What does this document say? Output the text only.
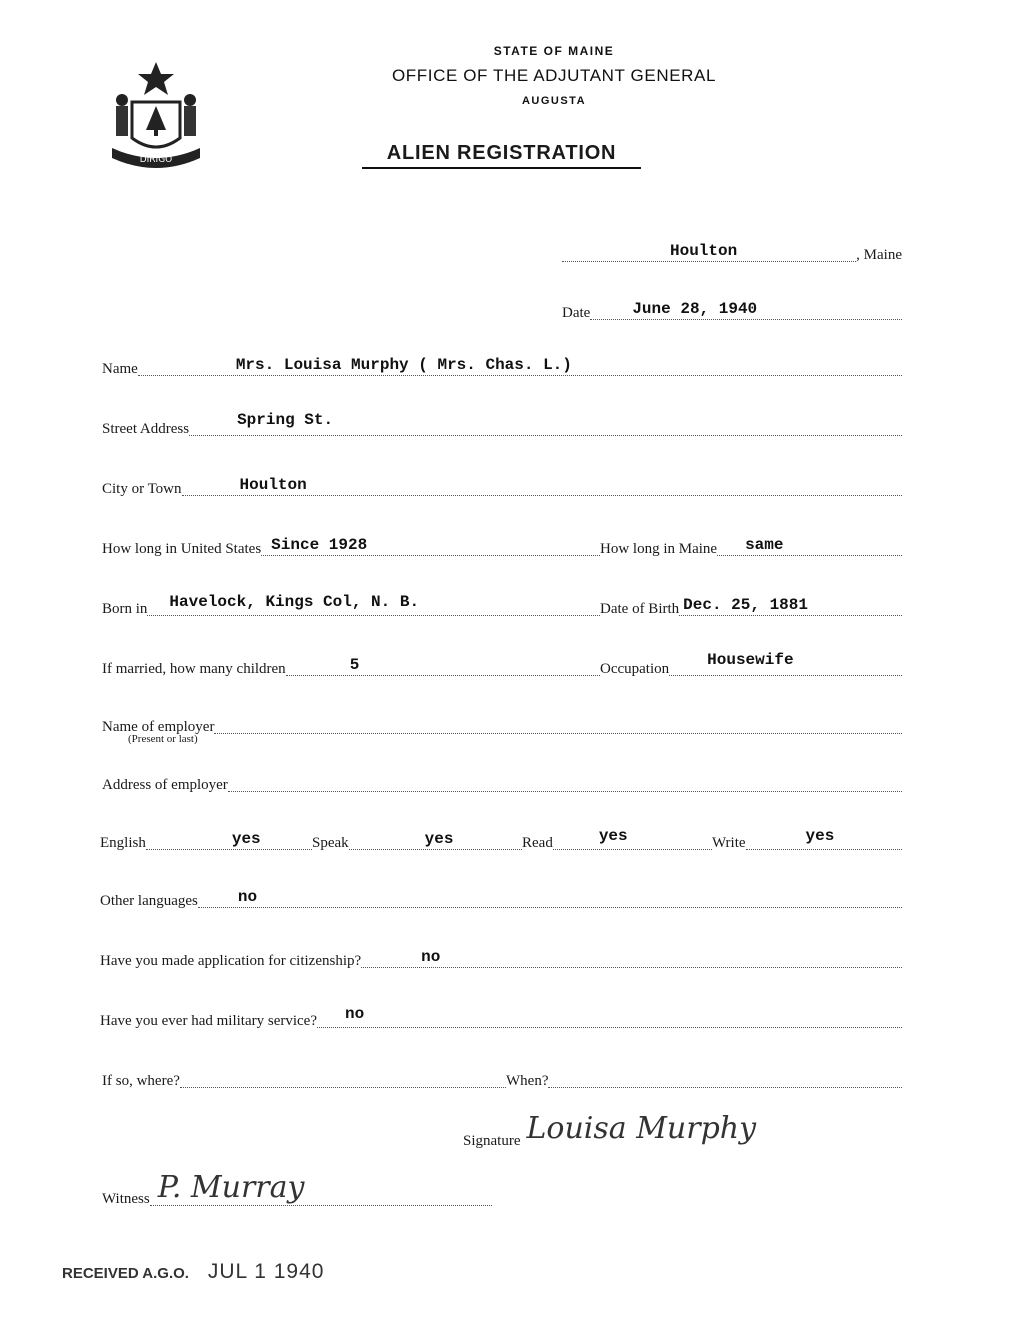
DIRIGO
STATE OF MAINE
OFFICE OF THE ADJUTANT GENERAL
AUGUSTA
ALIEN REGISTRATION
Houlton	, Maine
Date	June 28, 1940
Name	Mrs. Louisa Murphy ( Mrs. Chas. L.)
Street Address	Spring St.
City or Town	Houlton
How long in United States Since 1928	How long in Maine same
Born in Havelock, Kings Col, N. B.	Date of Birth Dec. 25, 1881
If married, how many children	5	Occupation Housewife
Name of employer
(Present or last)
Address of employer
English	yes	Speak	yes	Read	yes	Write	yes
Other languages	no
Have you made application for citizenship?	no
Have you ever had military service? no
If so, where?	When?
Signature Louisa Murphy
Witness P. Murray
RECEIVED A.G.O. JUL 1 1940
